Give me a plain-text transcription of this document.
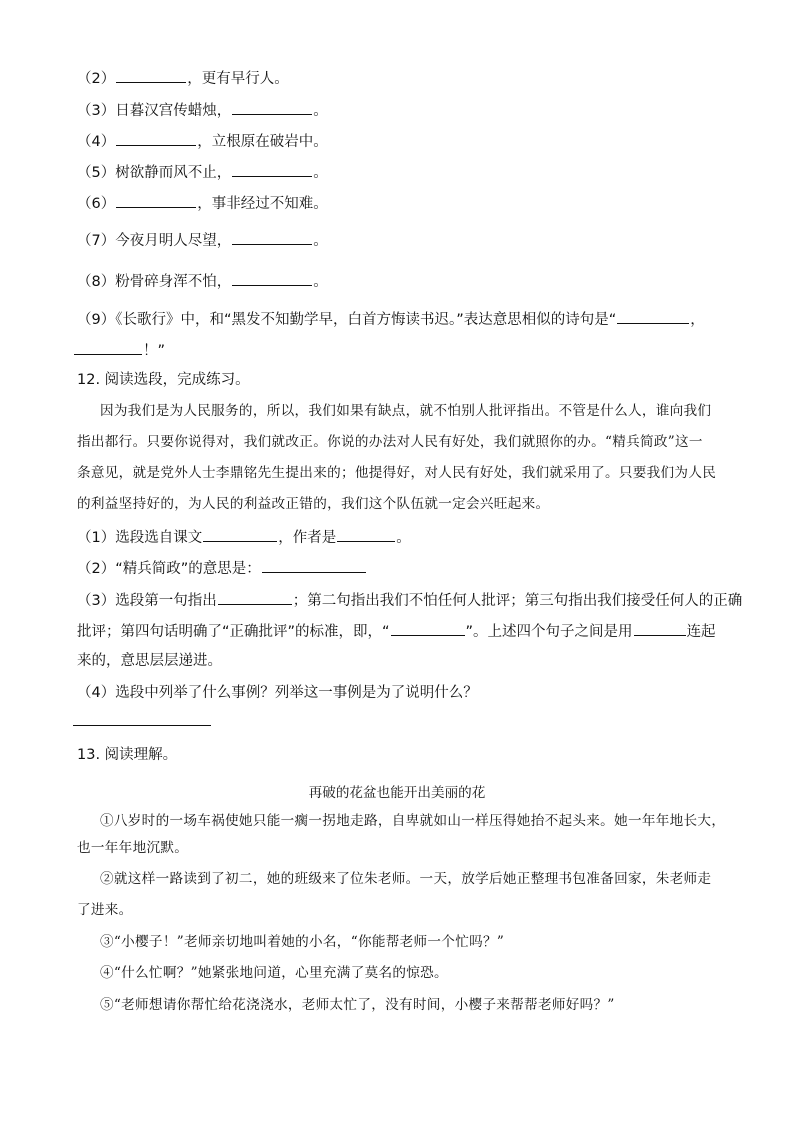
（2）	，更有早行人。
（3）日暮汉宫传蜡烛，	。
（4）	，立根原在破岩中。
（5）树欲静而风不止，	。
（6）	，事非经过不知难。
（7）今夜月明人尽望，	。
（8）粉骨碎身浑不怕，	。
（9）《长歌行》中，和“黑发不知勤学早，白首方悔读书迟。”表达意思相似的诗句是“	，
！”
12. 阅读选段，完成练习。
因为我们是为人民服务的，所以，我们如果有缺点，就不怕别人批评指出。不管是什么人，谁向我们
指出都行。只要你说得对，我们就改正。你说的办法对人民有好处，我们就照你的办。“精兵简政”这一
条意见，就是党外人士李鼎铭先生提出来的；他提得好，对人民有好处，我们就采用了。只要我们为人民
的利益坚持好的，为人民的利益改正错的，我们这个队伍就一定会兴旺起来。
（1）选段选自课文	，作者是	。
（2）“精兵简政”的意思是：
（3）选段第一句指出	；第二句指出我们不怕任何人批评；第三句指出我们接受任何人的正确
批评；第四句话明确了“正确批评”的标准，即，“	”。上述四个句子之间是用	连起
来的，意思层层递进。
（4）选段中列举了什么事例？列举这一事例是为了说明什么？
13. 阅读理解。
再破的花盆也能开出美丽的花
①八岁时的一场车祸使她只能一瘸一拐地走路，自卑就如山一样压得她抬不起头来。她一年年地长大，
也一年年地沉默。
②就这样一路读到了初二，她的班级来了位朱老师。一天，放学后她正整理书包准备回家，朱老师走
了进来。
③“小樱子！”老师亲切地叫着她的小名，“你能帮老师一个忙吗？”
④“什么忙啊？”她紧张地问道，心里充满了莫名的惊恐。
⑤“老师想请你帮忙给花浇浇水，老师太忙了，没有时间，小樱子来帮帮老师好吗？”
